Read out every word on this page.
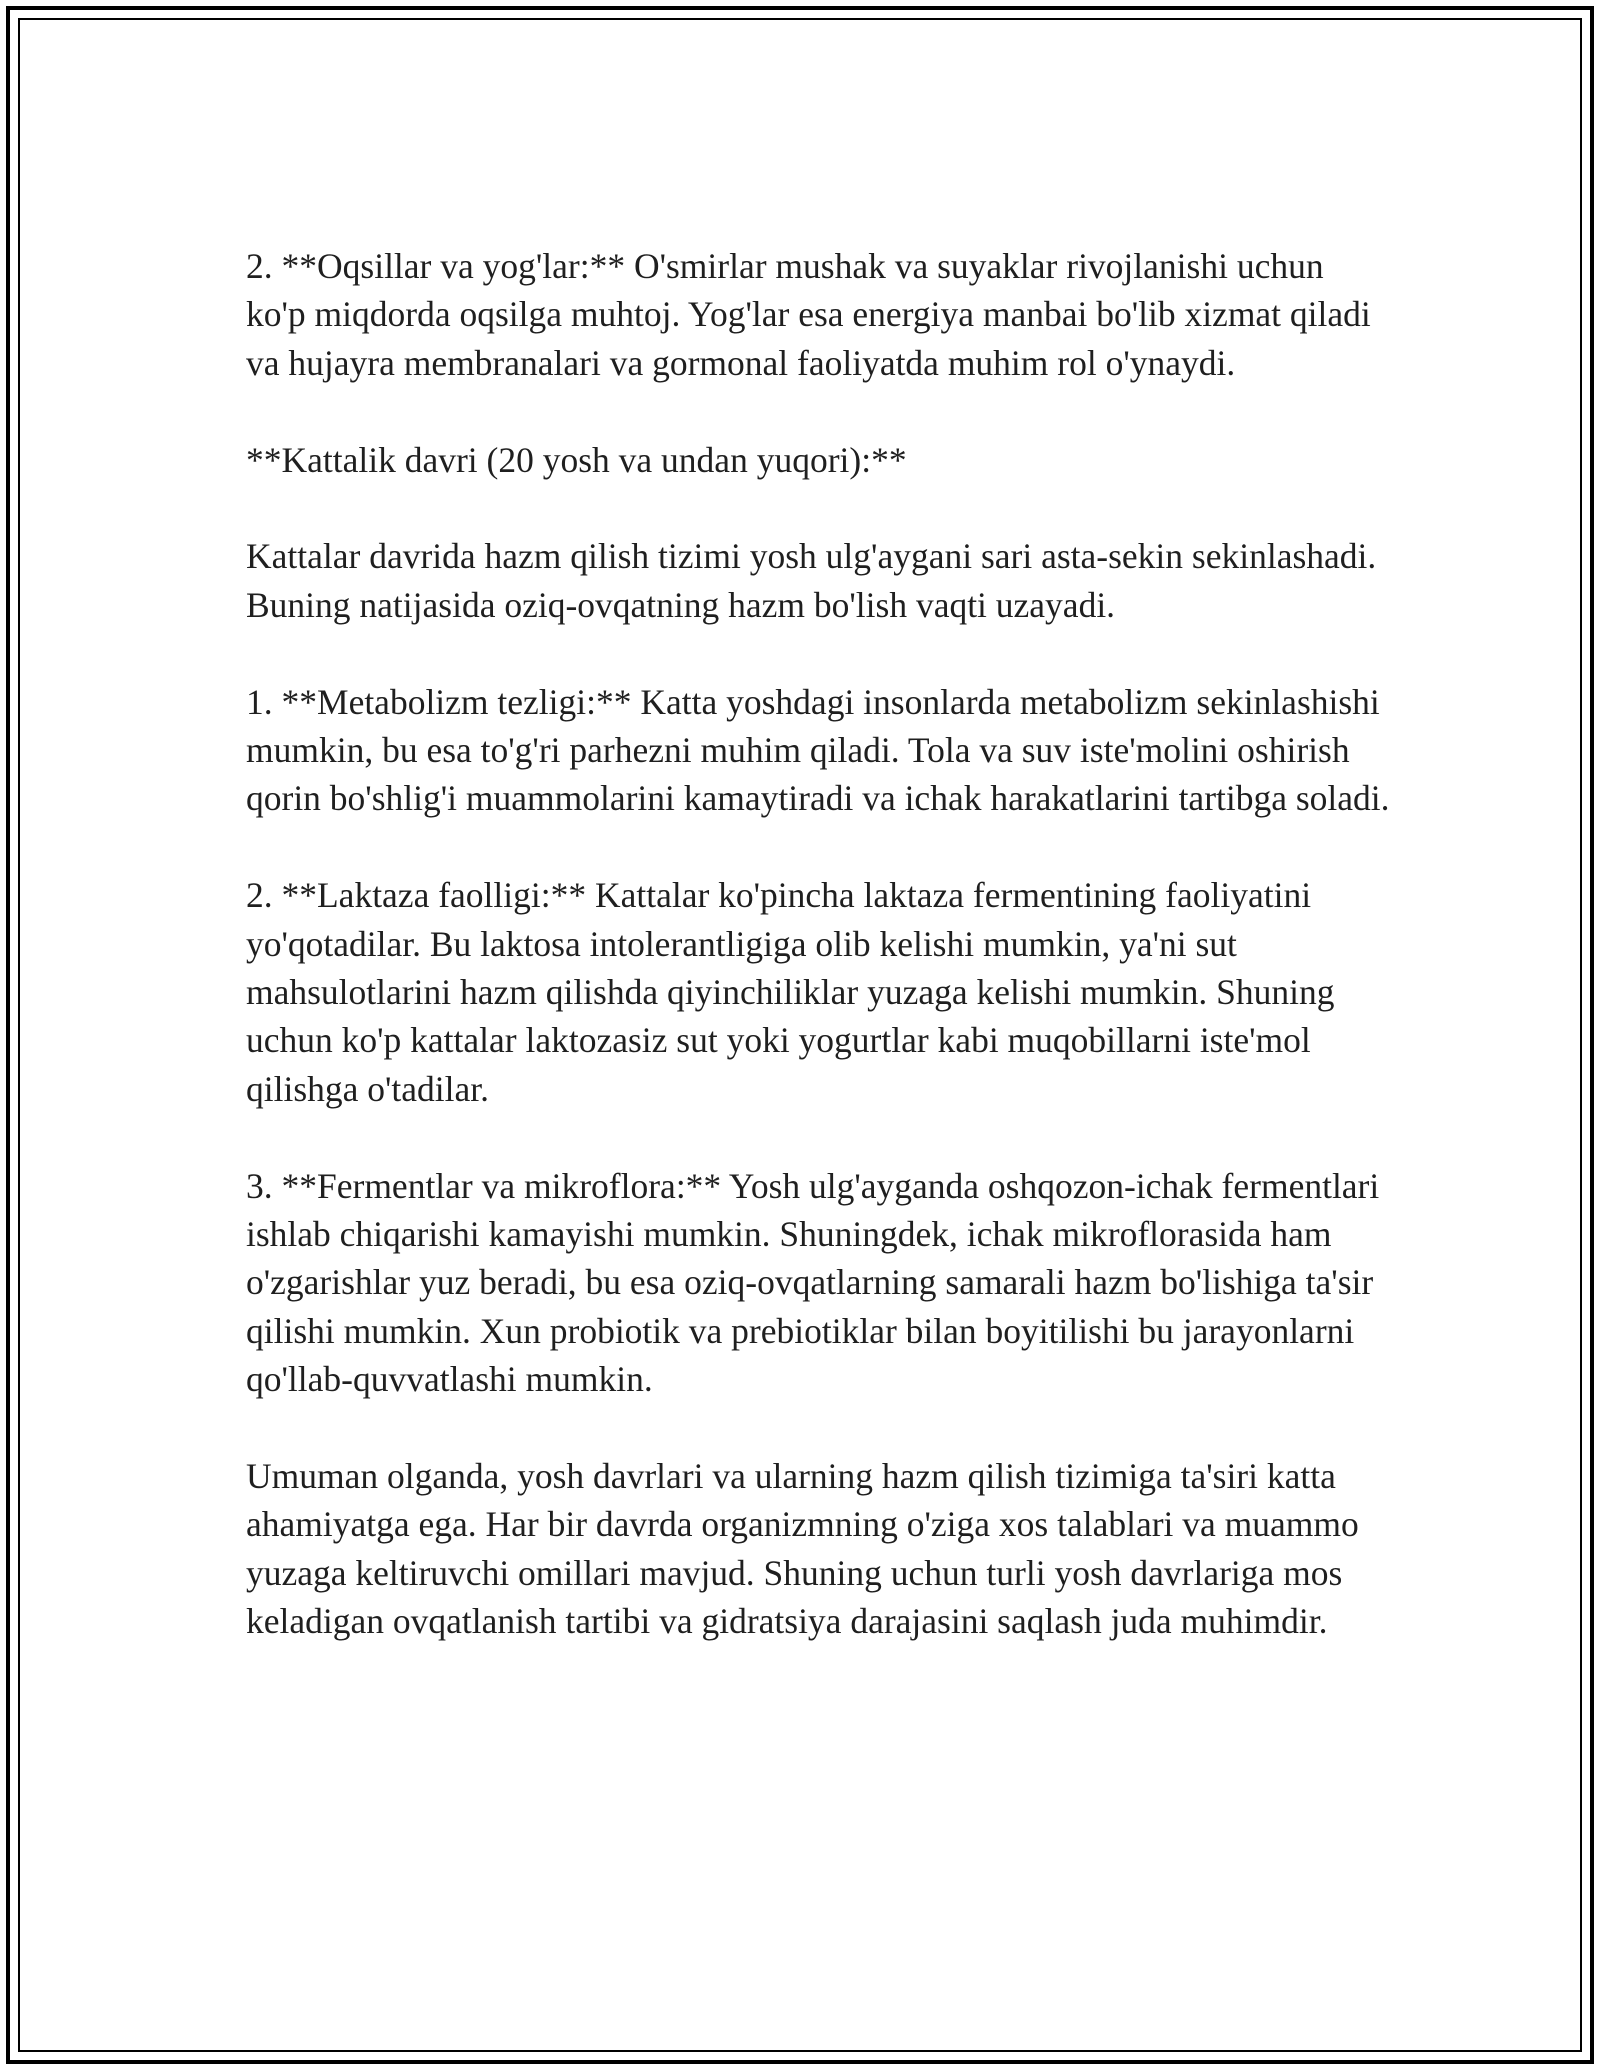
2. **Oqsillar va yog'lar:** O'smirlar mushak va suyaklar rivojlanishi uchun ko'p miqdorda oqsilga muhtoj. Yog'lar esa energiya manbai bo'lib xizmat qiladi va hujayra membranalari va gormonal faoliyatda muhim rol o'ynaydi.

**Kattalik davri (20 yosh va undan yuqori):**

Kattalar davrida hazm qilish tizimi yosh ulg'aygani sari asta-sekin sekinlashadi. Buning natijasida oziq-ovqatning hazm bo'lish vaqti uzayadi.

1. **Metabolizm tezligi:** Katta yoshdagi insonlarda metabolizm sekinlashishi mumkin, bu esa to'g'ri parhezni muhim qiladi. Tola va suv iste'molini oshirish qorin bo'shlig'i muammolarini kamaytiradi va ichak harakatlarini tartibga soladi.

2. **Laktaza faolligi:** Kattalar ko'pincha laktaza fermentining faoliyatini yo'qotadilar. Bu laktosa intolerantligiga olib kelishi mumkin, ya'ni sut mahsulotlarini hazm qilishda qiyinchiliklar yuzaga kelishi mumkin. Shuning uchun ko'p kattalar laktozasiz sut yoki yogurtlar kabi muqobillarni iste'mol qilishga o'tadilar.

3. **Fermentlar va mikroflora:** Yosh ulg'ayganda oshqozon-ichak fermentlari ishlab chiqarishi kamayishi mumkin. Shuningdek, ichak mikroflorasida ham o'zgarishlar yuz beradi, bu esa oziq-ovqatlarning samarali hazm bo'lishiga ta'sir qilishi mumkin. Xun probiotik va prebiotiklar bilan boyitilishi bu jarayonlarni qo'llab-quvvatlashi mumkin.

Umuman olganda, yosh davrlari va ularning hazm qilish tizimiga ta'siri katta ahamiyatga ega. Har bir davrda organizmning o'ziga xos talablari va muammo yuzaga keltiruvchi omillari mavjud. Shuning uchun turli yosh davrlariga mos keladigan ovqatlanish tartibi va gidratsiya darajasini saqlash juda muhimdir.
